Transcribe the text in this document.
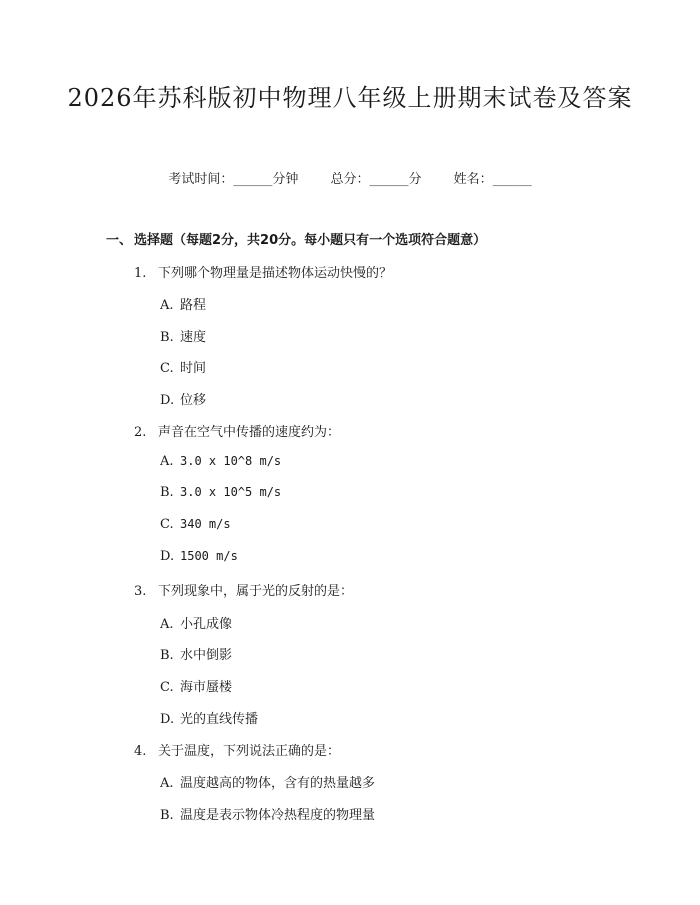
2026年苏科版初中物理八年级上册期末试卷及答案
考试时间：______分钟 总分：______分 姓名：______
一、 选择题（每题2分，共20分。每小题只有一个选项符合题意）
1. 下列哪个物理量是描述物体运动快慢的？
A. 路程
B. 速度
C. 时间
D. 位移
2. 声音在空气中传播的速度约为：
A. 3.0 x 10^8 m/s
B. 3.0 x 10^5 m/s
C. 340 m/s
D. 1500 m/s
3. 下列现象中，属于光的反射的是：
A. 小孔成像
B. 水中倒影
C. 海市蜃楼
D. 光的直线传播
4. 关于温度，下列说法正确的是：
A. 温度越高的物体，含有的热量越多
B. 温度是表示物体冷热程度的物理量
